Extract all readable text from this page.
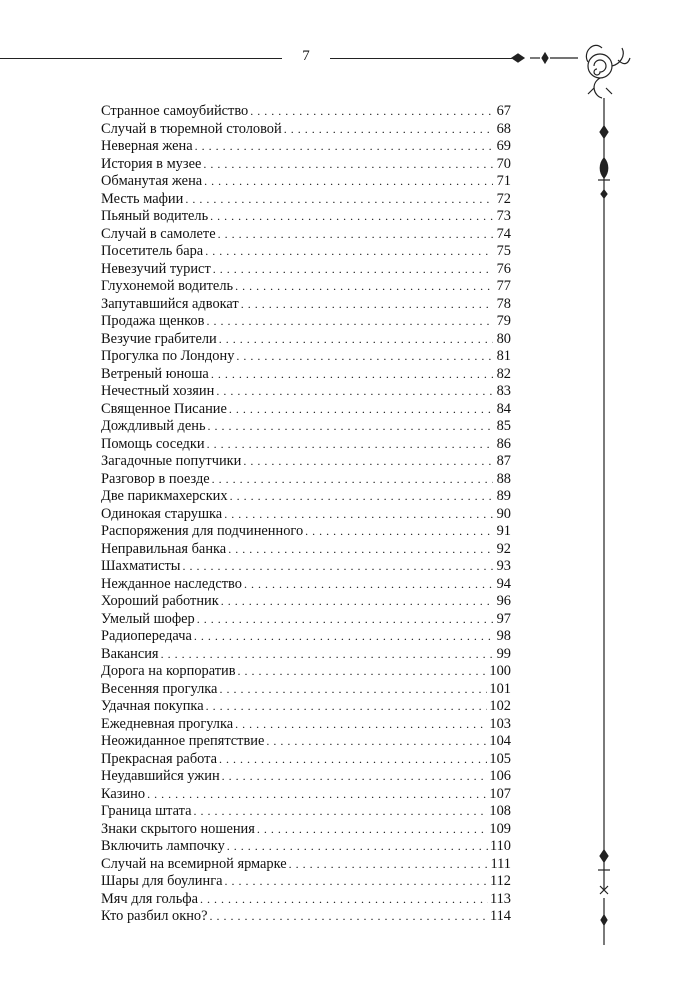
7
Странное самоубийство . . .	67
Случай в тюремной столовой . . .	68
Неверная жена . . .	69
История в музее . . .	70
Обманутая жена . . .	71
Месть мафии . . .	72
Пьяный водитель . . .	73
Случай в самолете . . .	74
Посетитель бара . . .	75
Невезучий турист . . .	76
Глухонемой водитель . . .	77
Запутавшийся адвокат . . .	78
Продажа щенков . . .	79
Везучие грабители . . .	80
Прогулка по Лондону . . .	81
Ветреный юноша . . .	82
Нечестный хозяин . . .	83
Священное Писание . . .	84
Дождливый день . . .	85
Помощь соседки . . .	86
Загадочные попутчики . . .	87
Разговор в поезде . . .	88
Две парикмахерских . . .	89
Одинокая старушка . . .	90
Распоряжения для подчиненного . . .	91
Неправильная банка . . .	92
Шахматисты . . .	93
Нежданное наследство . . .	94
Хороший работник . . .	96
Умелый шофер . . .	97
Радиопередача . . .	98
Вакансия . . .	99
Дорога на корпоратив . . .	100
Весенняя прогулка . . .	101
Удачная покупка . . .	102
Ежедневная прогулка . . .	103
Неожиданное препятствие . . .	104
Прекрасная работа . . .	105
Неудавшийся ужин . . .	106
Казино . . .	107
Граница штата . . .	108
Знаки скрытого ношения . . .	109
Включить лампочку . . .	110
Случай на всемирной ярмарке . . .	111
Шары для боулинга . . .	112
Мяч для гольфа . . .	113
Кто разбил окно? . . .	114
